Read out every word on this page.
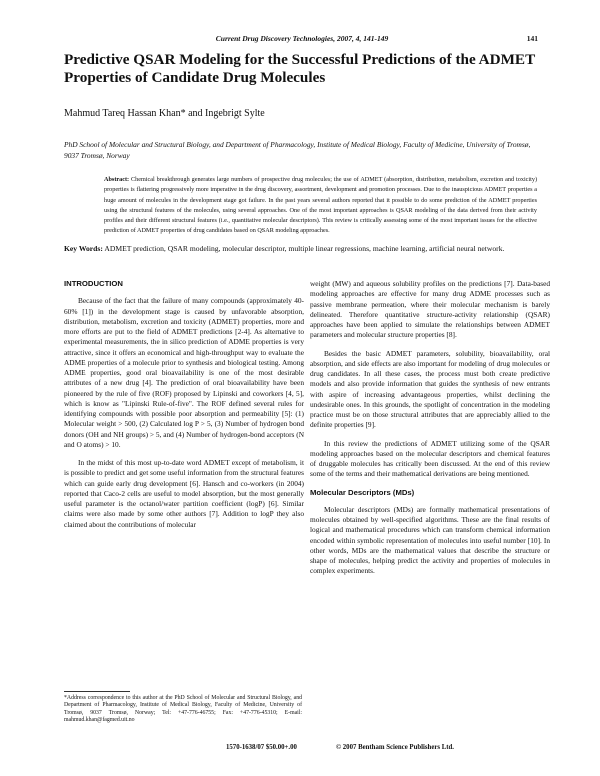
Current Drug Discovery Technologies, 2007, 4, 141-149	141
Predictive QSAR Modeling for the Successful Predictions of the ADMET Properties of Candidate Drug Molecules
Mahmud Tareq Hassan Khan* and Ingebrigt Sylte
PhD School of Molecular and Structural Biology, and Department of Pharmacology, Institute of Medical Biology, Faculty of Medicine, University of Tromsø, 9037 Tromsø, Norway
Abstract: Chemical breakthrough generates large numbers of prospective drug molecules; the use of ADMET (absorption, distribution, metabolism, excretion and toxicity) properties is flattering progressively more imperative in the drug discovery, assortment, development and promotion processes. Due to the inauspicious ADMET properties a huge amount of molecules in the development stage got failure. In the past years several authors reported that it possible to do some prediction of the ADMET properties using the structural features of the molecules, using several approaches. One of the most important approaches is QSAR modeling of the data derived from their activity profiles and their different structural features (i.e., quantitative molecular descriptors). This review is critically assessing some of the most important issues for the effective prediction of ADMET properties of drug candidates based on QSAR modeling approaches.
Key Words: ADMET prediction, QSAR modeling, molecular descriptor, multiple linear regressions, machine learning, artificial neural network.
INTRODUCTION

Because of the fact that the failure of many compounds (approximately 40-60% [1]) in the development stage is caused by unfavorable absorption, distribution, metabolism, excretion and toxicity (ADMET) properties, more and more efforts are put to the field of ADMET predictions [2-4]. As alternative to experimental measurements, the in silico prediction of ADME properties is very attractive, since it offers an economical and high-throughput way to evaluate the ADME properties of a molecule prior to synthesis and biological testing. Among ADME properties, good oral bioavailability is one of the most desirable attributes of a new drug [4]. The prediction of oral bioavailability have been pioneered by the rule of five (ROF) proposed by Lipinski and coworkers [4, 5], which is know as "Lipinski Rule-of-five". The ROF defined several rules for identifying compounds with possible poor absorption and permeability [5]: (1) Molecular weight > 500, (2) Calculated log P > 5, (3) Number of hydrogen bond donors (OH and NH groups) > 5, and (4) Number of hydrogen-bond acceptors (N and O atoms) > 10.

In the midst of this most up-to-date word ADMET except of metabolism, it is possible to predict and get some useful information from the structural features which can guide early drug development [6]. Hansch and co-workers (in 2004) reported that Caco-2 cells are useful to model absorption, but the most generally useful parameter is the octanol/water partition coefficient (logP) [6]. Similar claims were also made by some other authors [7]. Addition to logP they also claimed about the contributions of molecular

weight (MW) and aqueous solubility profiles on the predictions [7]. Data-based modeling approaches are effective for many drug ADME processes such as passive membrane permeation, where their molecular mechanism is barely delineated. Therefore quantitative structure-activity relationship (QSAR) approaches have been applied to simulate the relationships between ADMET parameters and molecular structure properties [8].

Besides the basic ADMET parameters, solubility, bioavailability, oral absorption, and side effects are also important for modeling of drug molecules or drug candidates. In all these cases, the process must both create predictive models and also provide information that guides the synthesis of new entrants with aspire of increasing advantageous properties, whilst declining the undesirable ones. In this grounds, the spotlight of concentration in the modeling practice must be on those structural attributes that are appreciably allied to the definite properties [9].

In this review the predictions of ADMET utilizing some of the QSAR modeling approaches based on the molecular descriptors and chemical features of druggable molecules has critically been discussed. At the end of this review some of the terms and their mathematical derivations are being mentioned.

Molecular Descriptors (MDs)

Molecular descriptors (MDs) are formally mathematical presentations of molecules obtained by well-specified algorithms. These are the final results of logical and mathematical procedures which can transform chemical information encoded within symbolic representation of molecules into useful number [10]. In other words, MDs are the mathematical values that describe the structure or shape of molecules, helping predict the activity and properties of molecules in complex experiments.

*Address correspondence to this author at the PhD School of Molecular and Structural Biology, and Department of Pharmacology, Institute of Medical Biology, Faculty of Medicine, University of Tromsø, 9037 Tromsø, Norway; Tel: +47-776-46755; Fax: +47-776-45310; E-mail: mahmud.khan@fagmed.uit.no
1570-1638/07 $50.00+.00	© 2007 Bentham Science Publishers Ltd.
